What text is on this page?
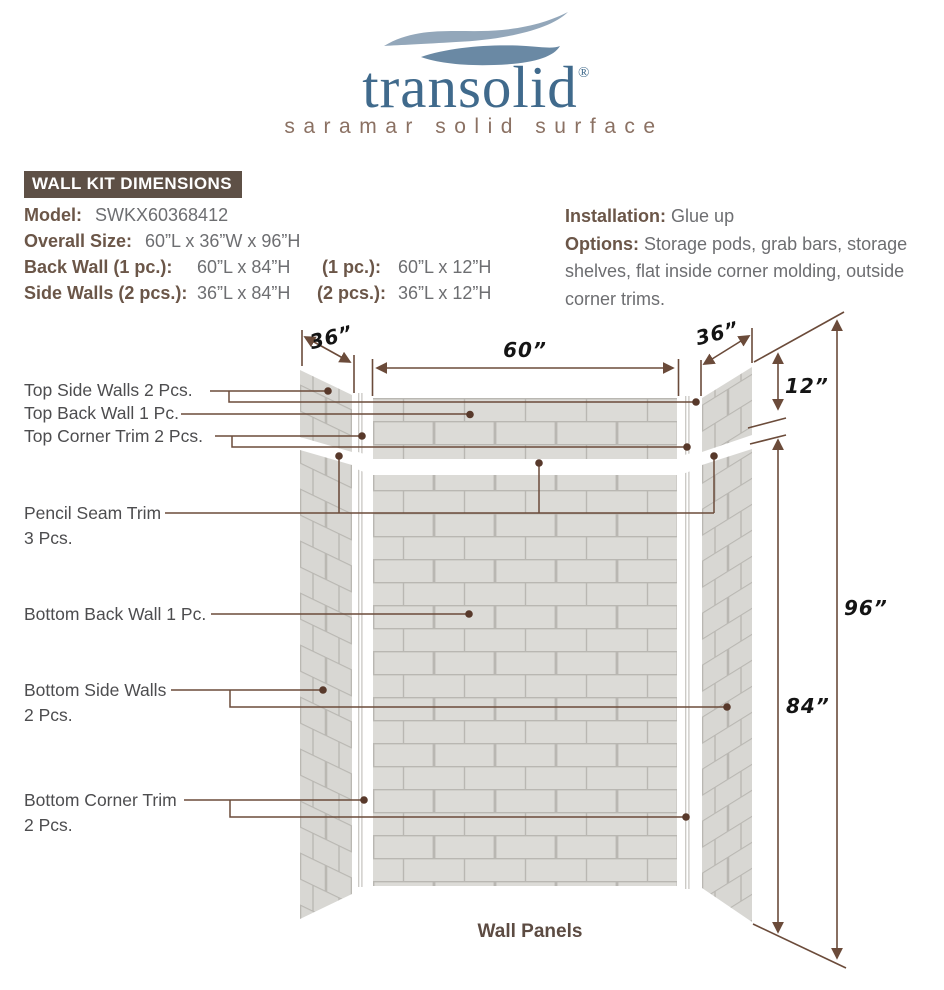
transolid ®
saramar solid surface
WALL KIT DIMENSIONS
Model: SWKX60368412
Overall Size: 60”L x 36”W x 96”H
Back Wall (1 pc.): 60”L x 84”H (1 pc.): 60”L x 12”H
Side Walls (2 pcs.): 36”L x 84”H (2 pcs.): 36”L x 12”H
Installation: Glue up
Options: Storage pods, grab bars, storage shelves, flat inside corner molding, outside corner trims.
36”	60”	36”
12”
84”
96”
Top Side Walls 2 Pcs.
Top Back Wall 1 Pc.
Top Corner Trim 2 Pcs.
Pencil Seam Trim
3 Pcs.
Bottom Back Wall 1 Pc.
Bottom Side Walls
2 Pcs.
Bottom Corner Trim
2 Pcs.
Wall Panels
